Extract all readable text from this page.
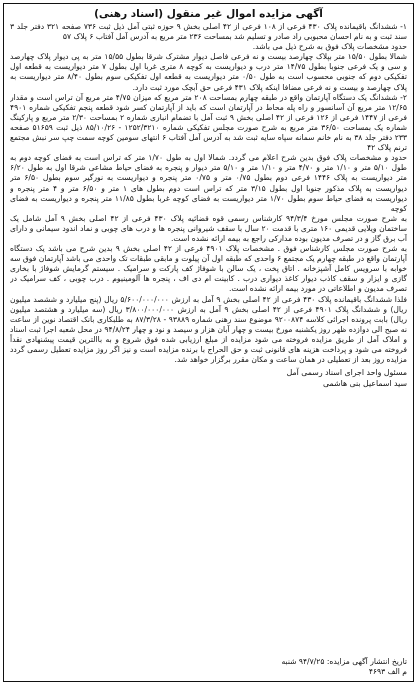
آگهی مزایده اموال غیر منقول (اسناد رهنی)

۱- ششدانگ باقیمانده پلاک ۴۳۰ فرعی از ۱۰۸ فرعی از ۴۲ اصلی بخش ۹ حوزه ثبتی آمل ذیل ثبت ۷۳۶ صفحه ۳۲۱ دفتر جلد ۳ سند ثبت و به نام احسان محبوبی راد صادر و تسلیم شد بمساحت ۲۳۶ متر مربع به آدرس آمل آفتاب ۶ پلاک ۵۷

حدود مشخصات پلاک فوق به شرح ذیل می باشد.

شمالا بطول ۱۵/۵۰ متر بپلاک چهارصد بیست و نه فرعی فاصل دیوار مشترک شرقا بطول ۱۵/۵۵ متر به پی دیوار پلاک چهارصد و سی و یک فرعی جنوبا بطول ۱۴/۷۵ متر درب و دیواریست به کوچه ۸ متری غربا اول بطول ۷ متر دیواریست به قطعه اول تفکیکی دوم که جنوبی محسوب است به طول ۰/۵۰ متر دیواریست به قطعه اول تفکیکی سوم بطول ۸/۴۰ متر دیواریست به پلاک چهارصد و بیست و نه فرعی مضافا اینکه پلاک ۴۳۱ فرعی حق آبچک مورد ثبت دارد.

۲- ششدانگ یک دستگاه آپارتمان واقع در طبقه چهارم بمساحت ۲۰۸ متر مربع که میزان ۴/۷۵ متر مربع آن تراس است و مقدار ۱۲/۶۵ متر مربع آن آسانسور و راه پله محاط در آپارتمان است که باید از آپارتمان کسر شود قطعه پنجم تفکیکی شماره ۴۹۰۱ فرعی از ۱۴۴۷ فرعی از ۱۲۶ فرعی از ۴۲ اصلی بخش ۹ ثبت آمل با تضمام انباری شماره ۲ بمساحت ۲/۳۰ متر مربع و پارکینگ شماره یک بمساحت ۳۶/۵۰ متر مربع به شرح صورت مجلس تفکیکی شماره ۱۲۵۲/۳۲۱۰ - ۸۵/۱۰/۲۶ ذیل ثبت ۵۱۶۵۹ صفحه ۲۳۳ دفتر جلد ۳۸ به نام خانم سمانه سپاه سایه ثبت شد به آدرس آمل آفتاب ۶ انتهای سومین کوچه سمت چپ سر نبش مجتمع ترنم پلاک ۴۲

حدود و مشخصات پلاک فوق بدین شرح اعلام می گردد. شمالا اول به طول ۱/۷۰ متر که تراس است به فضای کوچه دوم به طول ۵/۱۰ متر و ۱/۱۰ متر و ۴/۷۰ متر و ۱/۱۰ متر و ۵/۱۰ متر دیوار و پنجره به فضای حیاط مشاعی شرقا اول به طول ۶/۲۰ متر دیواریست به پلاک ۱۴۴۶ فرعی دوم بطول ۰/۷۵ متر و ۰/۷۵ متر پنجره و دیواریست به نورگیر سوم بطول ۶/۵۰ متر دیواریست به پلاک مذکور جنوبا اول بطول ۳/۱۵ متر که تراس است دوم بطول های ۱ متر و ۶/۵۰ متر و ۴ متر پنجره و دیواریست به فضای حیاط سوم بطول ۱/۷۰ متر دیواریست به فضای کوچه غربا بطول ۱۱/۸۵ متر پنجره و دیواریست به فضای کوچه

به شرح صورت مجلس مورخ ۹۴/۳/۴ کارشناس رسمی قوه قضائیه پلاک ۴۳۰ فرعی از ۴۲ اصلی بخش ۹ آمل شامل یک ساختمان ویلایی قدیمی ۱۶۰ متری با قدمت ۲۰ سال با سقف شیروانی پنجره ها و درب های چوبی و نماد اندود سیمانی و دارای آب برق گاز و در تصرف مدیون بوده مدارکی راجع به بیمه ارائه نشده است.

به شرح صورت مجلس کارشناس فوق . مشخصات پلاک ۴۹۰۱ فرعی از ۴۲ اصلی بخش ۹ بدین شرح می باشد یک دستگاه آپارتمان واقع در طبقه چهارم یک مجتمع ۶ واحدی که طبقه اول آن پیلوت و مابقی طبقات تک واحدی می باشد آپارتمان فوق سه خوابه با سرویس کامل آشپزخانه . اتاق پخت ، یک سالن با شوفاژ کف پارکت و سرامیک . سیستم گرمایش شوفاژ با بخاری گازی و ایزار و سقف کاذب دیوار کاغذ دیواری درب . کابینت ام دی اف ، پنجره ها آلومینیوم . درب چوبی ، کف سرامیک در تصرف مدیون و اطلاعاتی در مورد بیمه ارائه نشده است.

فلذا ششدانگ باقیمانده پلاک ۴۳۰ فرعی از ۴۲ اصلی بخش ۹ آمل به ارزش ۵/۶۰۰/۰۰۰/۰۰۰ ریال (پنج میلیارد و ششصد میلیون ریال) و ششدانگ پلاک ۴۹۰۱ فرعی از ۴۲ اصلی بخش ۹ آمل به ارزش ۳/۸۰۰/۰۰۰/۰۰۰ ریال (سه میلیارد و هشتصد میلیون ریال) بابت پرونده اجرائی کلاسه ۹۲۰۰۸۷۴ موضوع سند رهنی شماره ۹۳۸۸۹ - ۸۷/۳/۲۸ به طلبکاری بانک اقتصاد نوین از ساعت نه صبح الی دوازده ظهر روز یکشنبه مورخ بیست و چهار آبان هزار و سیصد و نود و چهار ۹۴/۸/۲۴ در محل شعبه اجرا ثبت اسناد و املاک آمل از طریق مزایده فروخته می شود مزایده از مبلغ ارزیابی شده فوق شروع و به باالترین قیمت پیشنهادی نقداً فروخته می شود و پرداخت هزینه های قانونی ثبت و حق الحراج با برنده مزایده است و نیز اگر روز مزایده تعطیل رسمی گردد مزایده روز بعد از تعطیلی در همان ساعت و مکان مقرر برگزار خواهد شد.

مسئول واحد اجرای اسناد رسمی آمل

سید اسماعیل بنی هاشمی

تاریخ انتشار آگهی مزایده: ۹۴/۷/۲۵ شنبه

م الف ۴۶۹۳
